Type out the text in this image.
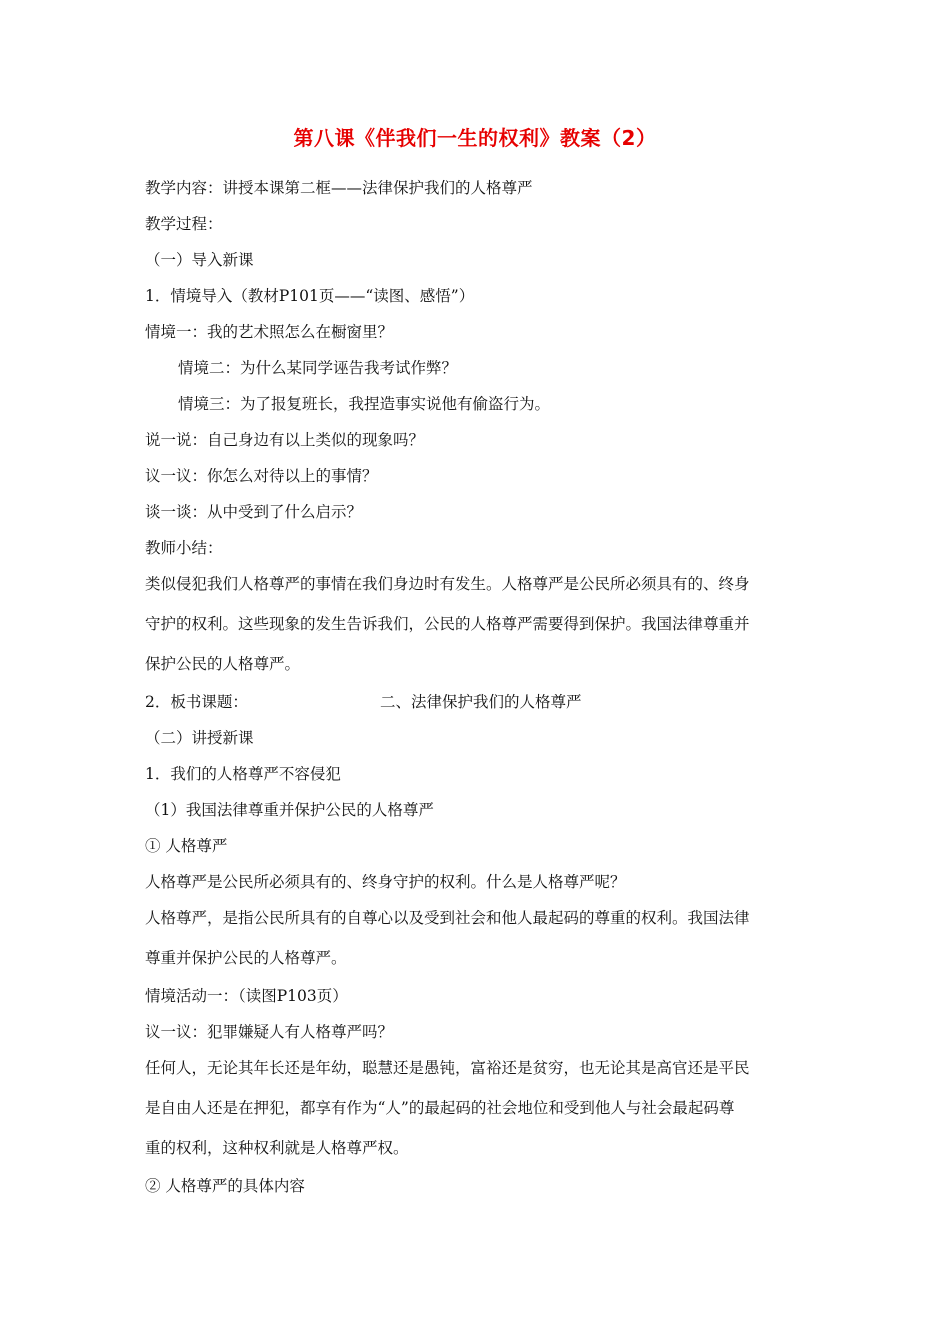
第八课《伴我们一生的权利》教案（2）
教学内容：讲授本课第二框——法律保护我们的人格尊严
教学过程：
（一）导入新课
1．情境导入（教材P101页——“读图、感悟”）
情境一：我的艺术照怎么在橱窗里？
情境二：为什么某同学诬告我考试作弊？
情境三：为了报复班长，我捏造事实说他有偷盗行为。
说一说：自己身边有以上类似的现象吗？
议一议：你怎么对待以上的事情？
谈一谈：从中受到了什么启示？
教师小结：
类似侵犯我们人格尊严的事情在我们身边时有发生。人格尊严是公民所必须具有的、终身
守护的权利。这些现象的发生告诉我们，公民的人格尊严需要得到保护。我国法律尊重并
保护公民的人格尊严。
2．板书课题：	二、法律保护我们的人格尊严
（二）讲授新课
1．我们的人格尊严不容侵犯
（1）我国法律尊重并保护公民的人格尊严
① 人格尊严
人格尊严是公民所必须具有的、终身守护的权利。什么是人格尊严呢？
人格尊严，是指公民所具有的自尊心以及受到社会和他人最起码的尊重的权利。我国法律
尊重并保护公民的人格尊严。
情境活动一：（读图P103页）
议一议：犯罪嫌疑人有人格尊严吗？
任何人，无论其年长还是年幼，聪慧还是愚钝，富裕还是贫穷，也无论其是高官还是平民
是自由人还是在押犯，都享有作为“人”的最起码的社会地位和受到他人与社会最起码尊
重的权利，这种权利就是人格尊严权。
② 人格尊严的具体内容
